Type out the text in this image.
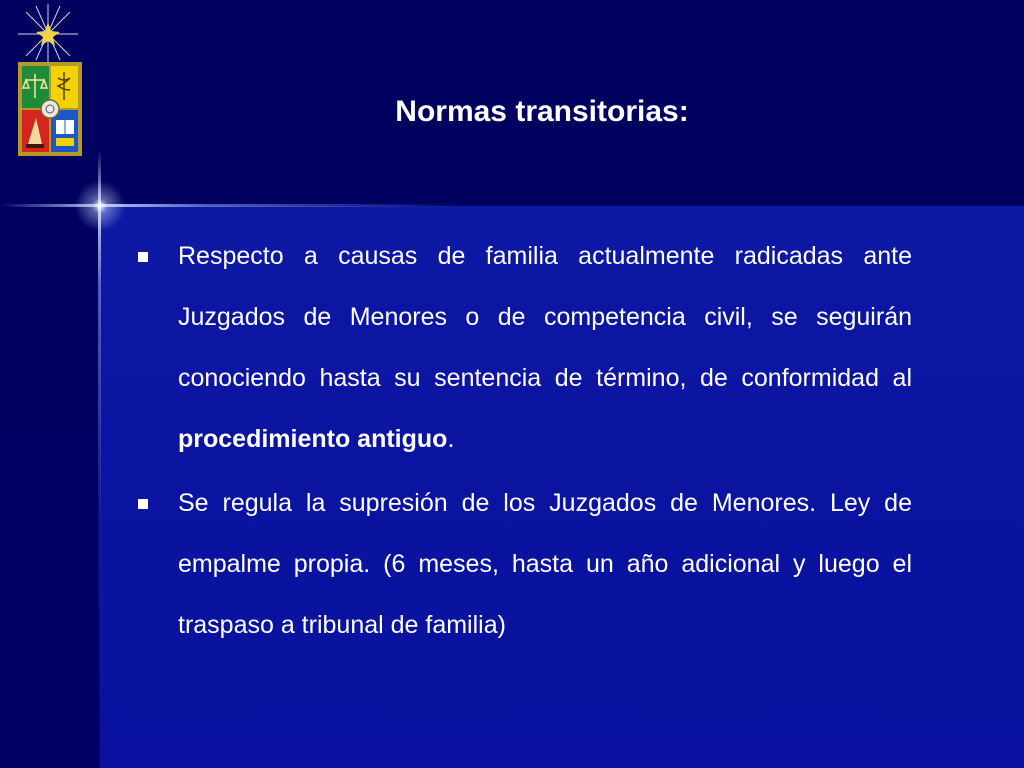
Normas transitorias:
Respecto a causas de familia actualmente radicadas ante Juzgados de Menores o de competencia civil, se seguirán conociendo hasta su sentencia de término, de conformidad al procedimiento antiguo.
Se regula la supresión de los Juzgados de Menores. Ley de empalme propia. (6 meses, hasta un año adicional y luego el traspaso a tribunal de familia)
